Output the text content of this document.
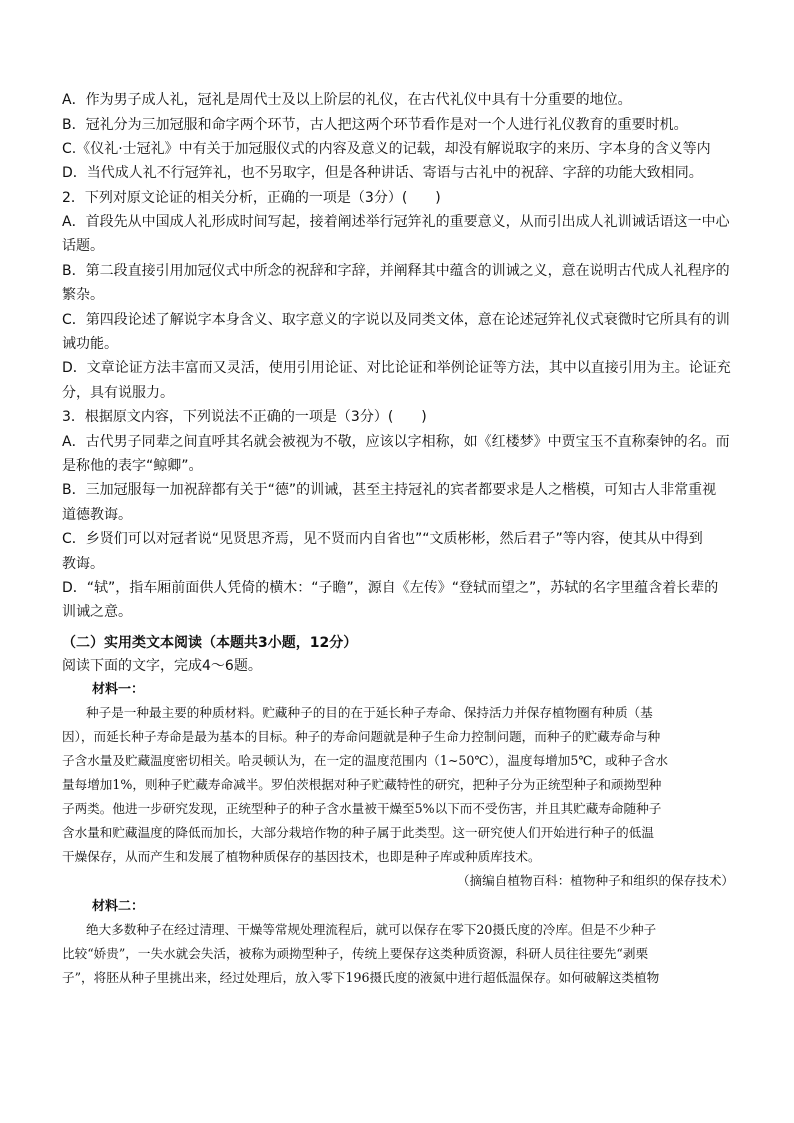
A．作为男子成人礼，冠礼是周代士及以上阶层的礼仪，在古代礼仪中具有十分重要的地位。
B．冠礼分为三加冠服和命字两个环节，古人把这两个环节看作是对一个人进行礼仪教育的重要时机。
C.《仪礼·士冠礼》中有关于加冠服仪式的内容及意义的记载，却没有解说取字的来历、字本身的含义等内
D．当代成人礼不行冠笄礼，也不另取字，但是各种讲话、寄语与古礼中的祝辞、字辞的功能大致相同。
2．下列对原文论证的相关分析，正确的一项是（3分）(　　)
A．首段先从中国成人礼形成时间写起，接着阐述举行冠笄礼的重要意义，从而引出成人礼训诫话语这一中心
话题。
B．第二段直接引用加冠仪式中所念的祝辞和字辞，并阐释其中蕴含的训诫之义，意在说明古代成人礼程序的
繁杂。
C．第四段论述了解说字本身含义、取字意义的字说以及同类文体，意在论述冠笄礼仪式衰微时它所具有的训
诫功能。
D．文章论证方法丰富而又灵活，使用引用论证、对比论证和举例论证等方法，其中以直接引用为主。论证充
分，具有说服力。
3．根据原文内容，下列说法不正确的一项是（3分）(　　)
A．古代男子同辈之间直呼其名就会被视为不敬，应该以字相称，如《红楼梦》中贾宝玉不直称秦钟的名。而
是称他的表字“鲸卿”。
B．三加冠服每一加祝辞都有关于“德”的训诫，甚至主持冠礼的宾者都要求是人之楷模，可知古人非常重视
道德教诲。
C．乡贤们可以对冠者说“见贤思齐焉，见不贤而内自省也”“文质彬彬，然后君子”等内容，使其从中得到
教诲。
D．“轼”，指车厢前面供人凭倚的横木：“子瞻”，源自《左传》“登轼而望之”，苏轼的名字里蕴含着长辈的
训诫之意。
（二）实用类文本阅读（本题共3小题，12分）
阅读下面的文字，完成4～6题。
材料一：
种子是一种最主要的种质材料。贮藏种子的目的在于延长种子寿命、保持活力并保存植物圈有种质（基
因），而延长种子寿命是最为基本的目标。种子的寿命问题就是种子生命力控制问题，而种子的贮藏寿命与种
子含水量及贮藏温度密切相关。哈灵顿认为，在一定的温度范围内（1~50℃），温度每增加5℃，或种子含水
量每增加1%，则种子贮藏寿命减半。罗伯茨根据对种子贮藏特性的研究，把种子分为正统型种子和顽拗型种
子两类。他进一步研究发现，正统型种子的种子含水量被干燥至5%以下而不受伤害，并且其贮藏寿命随种子
含水量和贮藏温度的降低而加长，大部分栽培作物的种子属于此类型。这一研究使人们开始进行种子的低温
干燥保存，从而产生和发展了植物种质保存的基因技术，也即是种子库或种质库技术。
（摘编自植物百科：植物种子和组织的保存技术）
材料二：
绝大多数种子在经过清理、干燥等常规处理流程后，就可以保存在零下20摄氏度的冷库。但是不少种子
比较“娇贵”，一失水就会失活，被称为顽拗型种子，传统上要保存这类种质资源，科研人员往往要先“剥栗
子”，将胚从种子里挑出来，经过处理后，放入零下196摄氏度的液氮中进行超低温保存。如何破解这类植物
